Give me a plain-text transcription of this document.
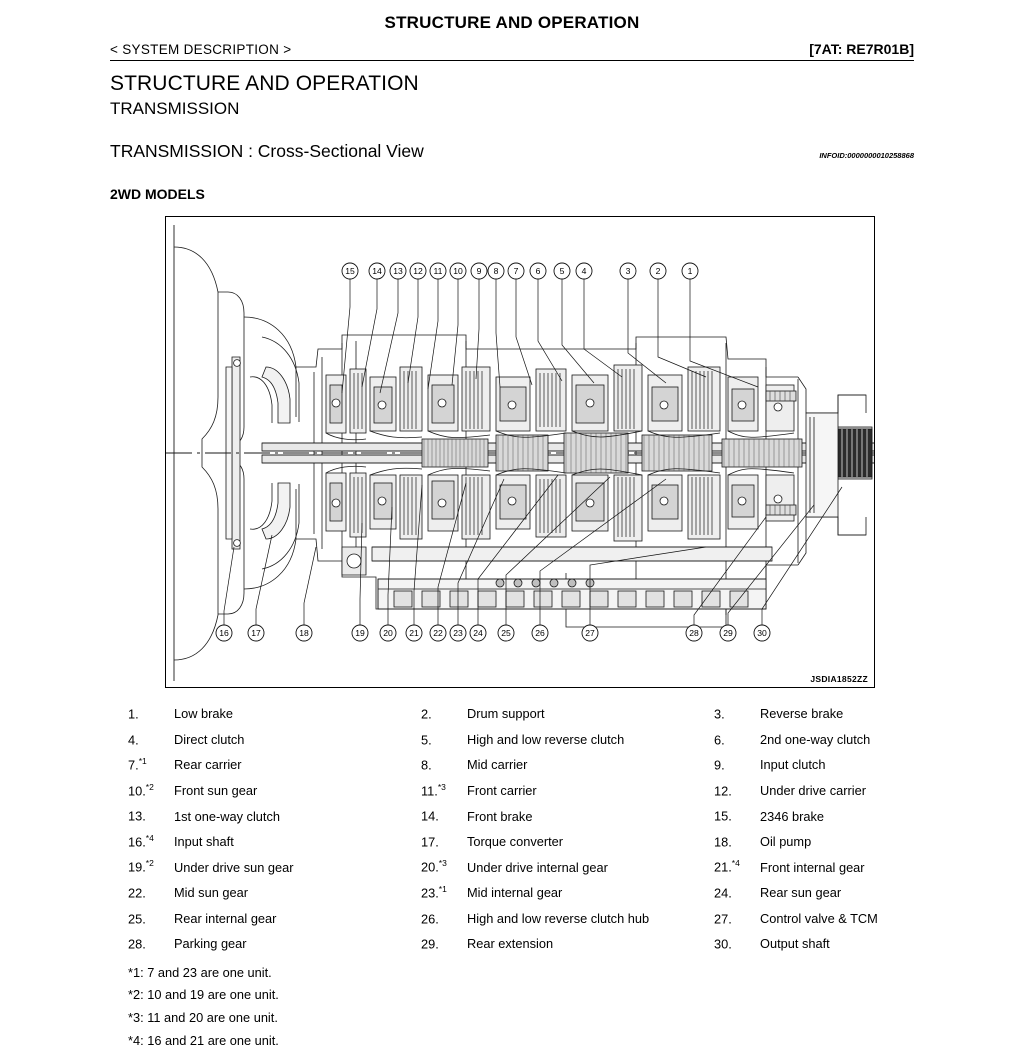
STRUCTURE AND OPERATION
< SYSTEM DESCRIPTION >	[7AT: RE7R01B]
STRUCTURE AND OPERATION
TRANSMISSION
TRANSMISSION : Cross-Sectional View	INFOID:0000000010258868
2WD MODELS
15 14 13 12 11 10 9 8 7 6 5 4	3	2	1
16	17	18	19 20 21 22 23 24 25	26	27	28	29	30
JSDIA1852ZZ
1.	Low brake	2.	Drum support	3.	Reverse brake
4.	Direct clutch	5.	High and low reverse clutch	6.	2nd one-way clutch
7.$^{*1}$	Rear carrier	8.	Mid carrier	9.	Input clutch
10.$^{*2}$	Front sun gear	11.$^{*3}$	Front carrier	12.	Under drive carrier
13.	1st one-way clutch	14.	Front brake	15.	2346 brake
16.$^{*4}$	Input shaft	17.	Torque converter	18.	Oil pump
19.$^{*2}$	Under drive sun gear	20.$^{*3}$	Under drive internal gear	21.$^{*4}$	Front internal gear
22.	Mid sun gear	23.$^{*1}$	Mid internal gear	24.	Rear sun gear
25.	Rear internal gear	26.	High and low reverse clutch hub	27.	Control valve & TCM
28.	Parking gear	29.	Rear extension	30.	Output shaft
*1: 7 and 23 are one unit.
*2: 10 and 19 are one unit.
*3: 11 and 20 are one unit.
*4: 16 and 21 are one unit.
